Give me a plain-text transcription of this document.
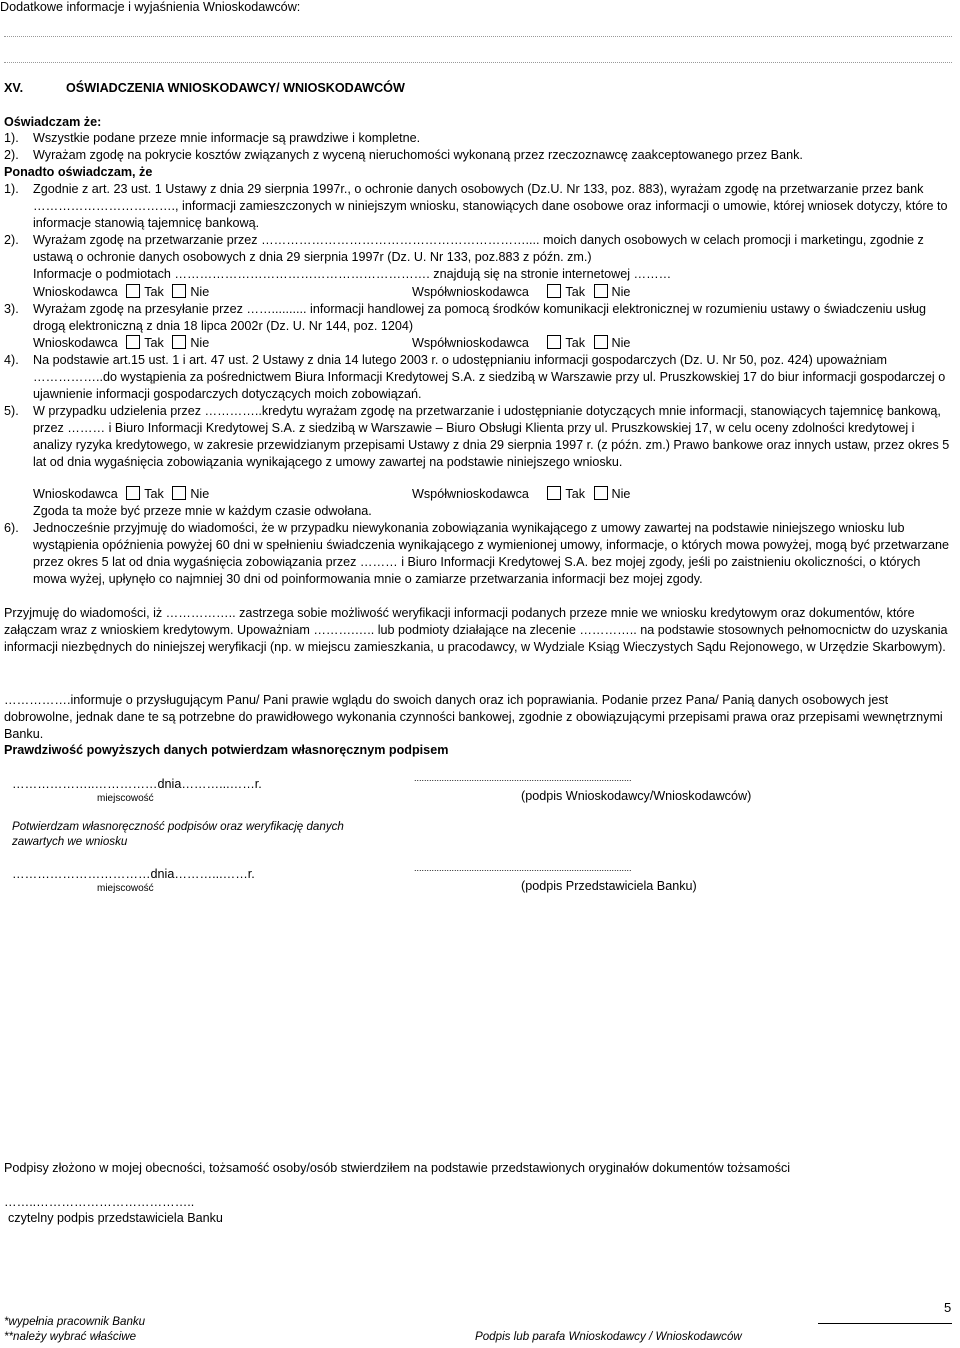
Dodatkowe informacje i wyjaśnienia Wnioskodawców:
XV.	OŚWIADCZENIA WNIOSKODAWCY/ WNIOSKODAWCÓW
Oświadczam że:
1). Wszystkie podane przeze mnie informacje są prawdziwe i kompletne.
2). Wyrażam zgodę na pokrycie kosztów związanych z wyceną nieruchomości wykonaną przez rzeczoznawcę zaakceptowanego przez Bank.
Ponadto oświadczam, że
1). Zgodnie z art. 23 ust. 1 Ustawy z dnia 29 sierpnia 1997r., o ochronie danych osobowych (Dz.U. Nr 133, poz. 883), wyrażam zgodę na przetwarzanie przez bank ……………………………., informacji zamieszczonych w niniejszym wniosku, stanowiących dane osobowe oraz informacji o umowie, której wniosek dotyczy, które to informacje stanowią tajemnicę bankową.

2). Wyrażam zgodę na przetwarzanie przez ……………………………………………………….... moich danych osobowych w celach promocji i marketingu, zgodnie z ustawą o ochronie danych osobowych z dnia 29 sierpnia 1997r (Dz. U. Nr 133, poz.883 z późn. zm.)

Informacje o podmiotach ……………………………………………………. znajdują się na stronie internetowej ………

Wnioskodawca Tak Nie	Współwnioskodawca	Tak Nie
3). Wyrażam zgodę na przesyłanie przez …….......... informacji handlowej za pomocą środków komunikacji elektronicznej w rozumieniu ustawy o świadczeniu usług drogą elektroniczną z dnia 18 lipca 2002r (Dz. U. Nr 144, poz. 1204)

Wnioskodawca Tak Nie	Współwnioskodawca	Tak Nie
4). Na podstawie art.15 ust. 1 i art. 47 ust. 2 Ustawy z dnia 14 lutego 2003 r. o udostępnianiu informacji gospodarczych (Dz. U. Nr 50, poz. 424) upoważniam ……………..do wystąpienia za pośrednictwem Biura Informacji Kredytowej S.A. z siedzibą w Warszawie przy ul. Pruszkowskiej 17 do biur informacji gospodarczej o ujawnienie informacji gospodarczych dotyczących moich zobowiązań.

5). W przypadku udzielenia przez …………..kredytu wyrażam zgodę na przetwarzanie i udostępnianie dotyczących mnie informacji, stanowiących tajemnicę bankową, przez ……… i Biuro Informacji Kredytowej S.A. z siedzibą w Warszawie – Biuro Obsługi Klienta przy ul. Pruszkowskiej 17, w celu oceny zdolności kredytowej i analizy ryzyka kredytowego, w zakresie przewidzianym przepisami Ustawy z dnia 29 sierpnia 1997 r. (z późn. zm.) Prawo bankowe oraz innych ustaw, przez okres 5 lat od dnia wygaśnięcia zobowiązania wynikającego z umowy zawartej na podstawie niniejszego wniosku.

Wnioskodawca Tak Nie	Współwnioskodawca	Tak Nie
Zgoda ta może być przeze mnie w każdym czasie odwołana.
6). Jednocześnie przyjmuję do wiadomości, że w przypadku niewykonania zobowiązania wynikającego z umowy zawartej na podstawie niniejszego wniosku lub wystąpienia opóźnienia powyżej 60 dni w spełnieniu świadczenia wynikającego z wymienionej umowy, informacje, o których mowa powyżej, mogą być przetwarzane przez okres 5 lat od dnia wygaśnięcia zobowiązania przez ……… i Biuro Informacji Kredytowej S.A. bez mojej zgody, jeśli po zaistnieniu okoliczności, o których mowa wyżej, upłynęło co najmniej 30 dni od poinformowania mnie o zamiarze przetwarzania informacji bez mojej zgody.

Przyjmuję do wiadomości, iż …………….. zastrzega sobie możliwość weryfikacji informacji podanych przeze mnie we wniosku kredytowym oraz dokumentów, które załączam wraz z wnioskiem kredytowym. Upoważniam ……….….. lub podmioty działające na zlecenie ………….. na podstawie stosownych pełnomocnictw do uzyskania informacji niezbędnych do niniejszej weryfikacji (np. w miejscu zamieszkania, u pracodawcy, w Wydziale Ksiąg Wieczystych Sądu Rejonowego, w Urzędzie Skarbowym).

…………….informuje o przysługującym Panu/ Pani prawie wglądu do swoich danych oraz ich poprawiania. Podanie przez Pana/ Panią danych osobowych jest dobrowolne, jednak dane te są potrzebne do prawidłowego wykonania czynności bankowej, zgodnie z obowiązującymi przepisami prawa oraz przepisami wewnętrznymi Banku.

Prawdziwość powyższych danych potwierdzam własnoręcznym podpisem
………………..……………dnia………...……r.
miejscowość
.......................................................................................
(podpis Wnioskodawcy/Wnioskodawców)
Potwierdzam własnoręczność podpisów oraz weryfikację danych zawartych we wniosku
……………………………dnia………...……r.
miejscowość
.......................................................................................
(podpis Przedstawiciela Banku)
Podpisy złożono w mojej obecności, tożsamość osoby/osób stwierdziłem na podstawie przedstawionych oryginałów dokumentów tożsamości
……..………………………………..
czytelny podpis przedstawiciela Banku
*wypełnia pracownik Banku
**należy wybrać właściwe
5
Podpis lub parafa Wnioskodawcy / Wnioskodawców
